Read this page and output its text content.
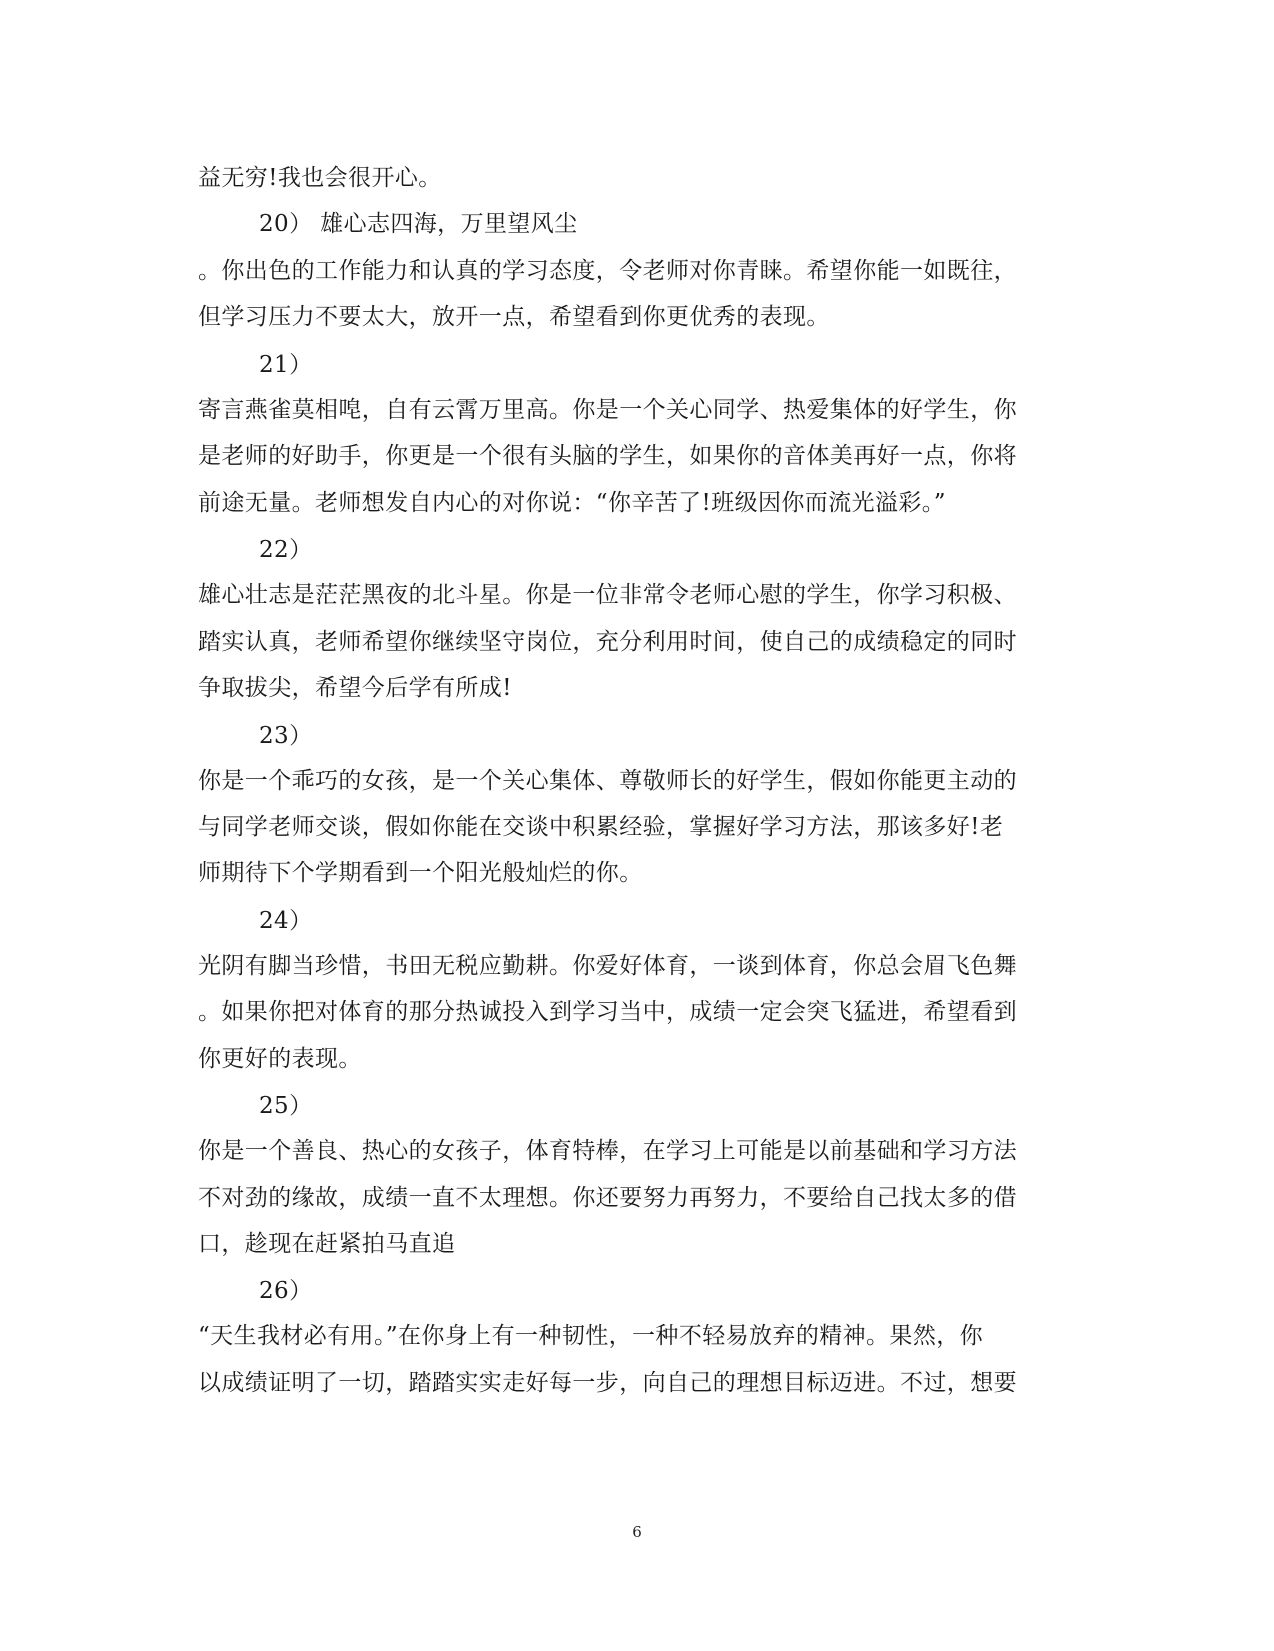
益无穷!我也会很开心。
20） 雄心志四海，万里望风尘
。你出色的工作能力和认真的学习态度，令老师对你青睐。希望你能一如既往，
但学习压力不要太大，放开一点，希望看到你更优秀的表现。
21）
寄言燕雀莫相唣，自有云霄万里高。你是一个关心同学、热爱集体的好学生，你
是老师的好助手，你更是一个很有头脑的学生，如果你的音体美再好一点，你将
前途无量。老师想发自内心的对你说：“你辛苦了!班级因你而流光溢彩。”
22）
雄心壮志是茫茫黑夜的北斗星。你是一位非常令老师心慰的学生，你学习积极、
踏实认真，老师希望你继续坚守岗位，充分利用时间，使自己的成绩稳定的同时
争取拔尖，希望今后学有所成!
23）
你是一个乖巧的女孩，是一个关心集体、尊敬师长的好学生，假如你能更主动的
与同学老师交谈，假如你能在交谈中积累经验，掌握好学习方法，那该多好!老
师期待下个学期看到一个阳光般灿烂的你。
24）
光阴有脚当珍惜，书田无税应勤耕。你爱好体育，一谈到体育，你总会眉飞色舞
。如果你把对体育的那分热诚投入到学习当中，成绩一定会突飞猛进，希望看到
你更好的表现。
25）
你是一个善良、热心的女孩子，体育特棒，在学习上可能是以前基础和学习方法
不对劲的缘故，成绩一直不太理想。你还要努力再努力，不要给自己找太多的借
口，趁现在赶紧拍马直追
26）
“天生我材必有用。”在你身上有一种韧性，一种不轻易放弃的精神。果然，你
以成绩证明了一切，踏踏实实走好每一步，向自己的理想目标迈进。不过，想要
6
